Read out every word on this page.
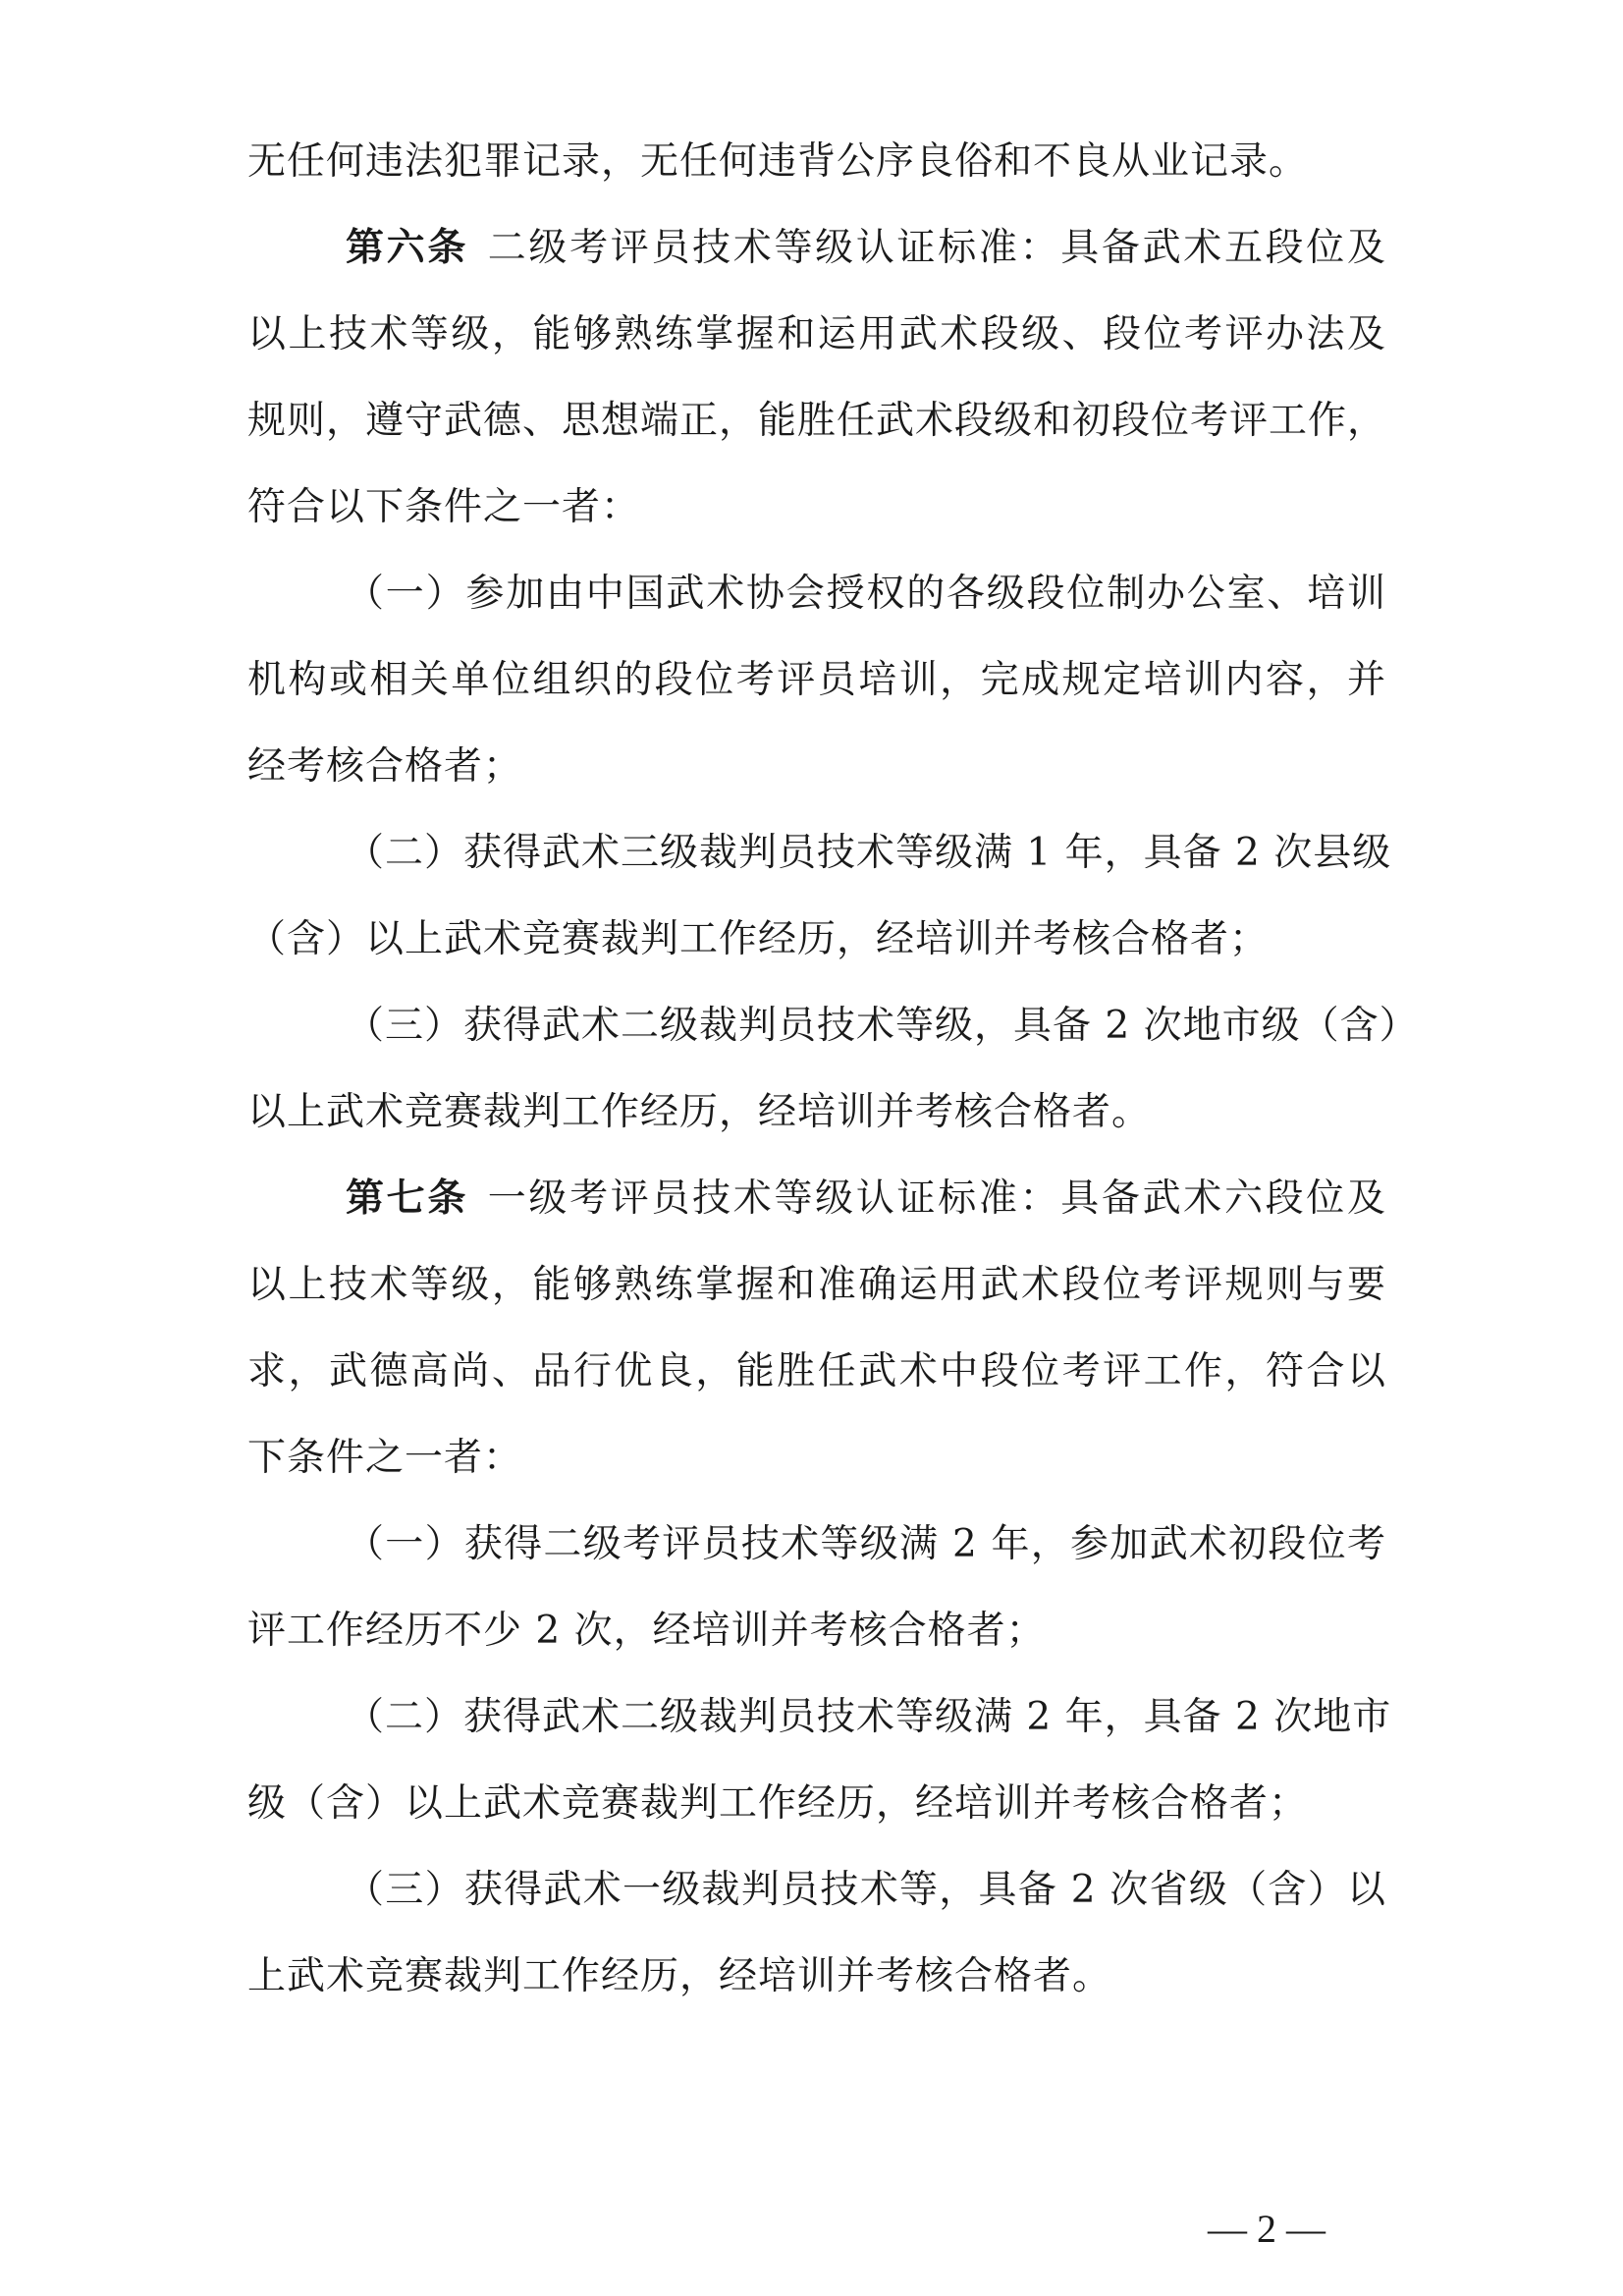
无任何违法犯罪记录，无任何违背公序良俗和不良从业记录。
第六条 二级考评员技术等级认证标准：具备武术五段位及
以上技术等级，能够熟练掌握和运用武术段级、段位考评办法及
规则，遵守武德、思想端正，能胜任武术段级和初段位考评工作，
符合以下条件之一者：
（一）参加由中国武术协会授权的各级段位制办公室、培训
机构或相关单位组织的段位考评员培训，完成规定培训内容，并
经考核合格者；
（二）获得武术三级裁判员技术等级满 1 年，具备 2 次县级
（含）以上武术竞赛裁判工作经历，经培训并考核合格者；
（三）获得武术二级裁判员技术等级，具备 2 次地市级（含）
以上武术竞赛裁判工作经历，经培训并考核合格者。
第七条 一级考评员技术等级认证标准：具备武术六段位及
以上技术等级，能够熟练掌握和准确运用武术段位考评规则与要
求，武德高尚、品行优良，能胜任武术中段位考评工作，符合以
下条件之一者：
（一）获得二级考评员技术等级满 2 年，参加武术初段位考
评工作经历不少 2 次，经培训并考核合格者；
（二）获得武术二级裁判员技术等级满 2 年，具备 2 次地市
级（含）以上武术竞赛裁判工作经历，经培训并考核合格者；
（三）获得武术一级裁判员技术等，具备 2 次省级（含）以
上武术竞赛裁判工作经历，经培训并考核合格者。
— 2 —
